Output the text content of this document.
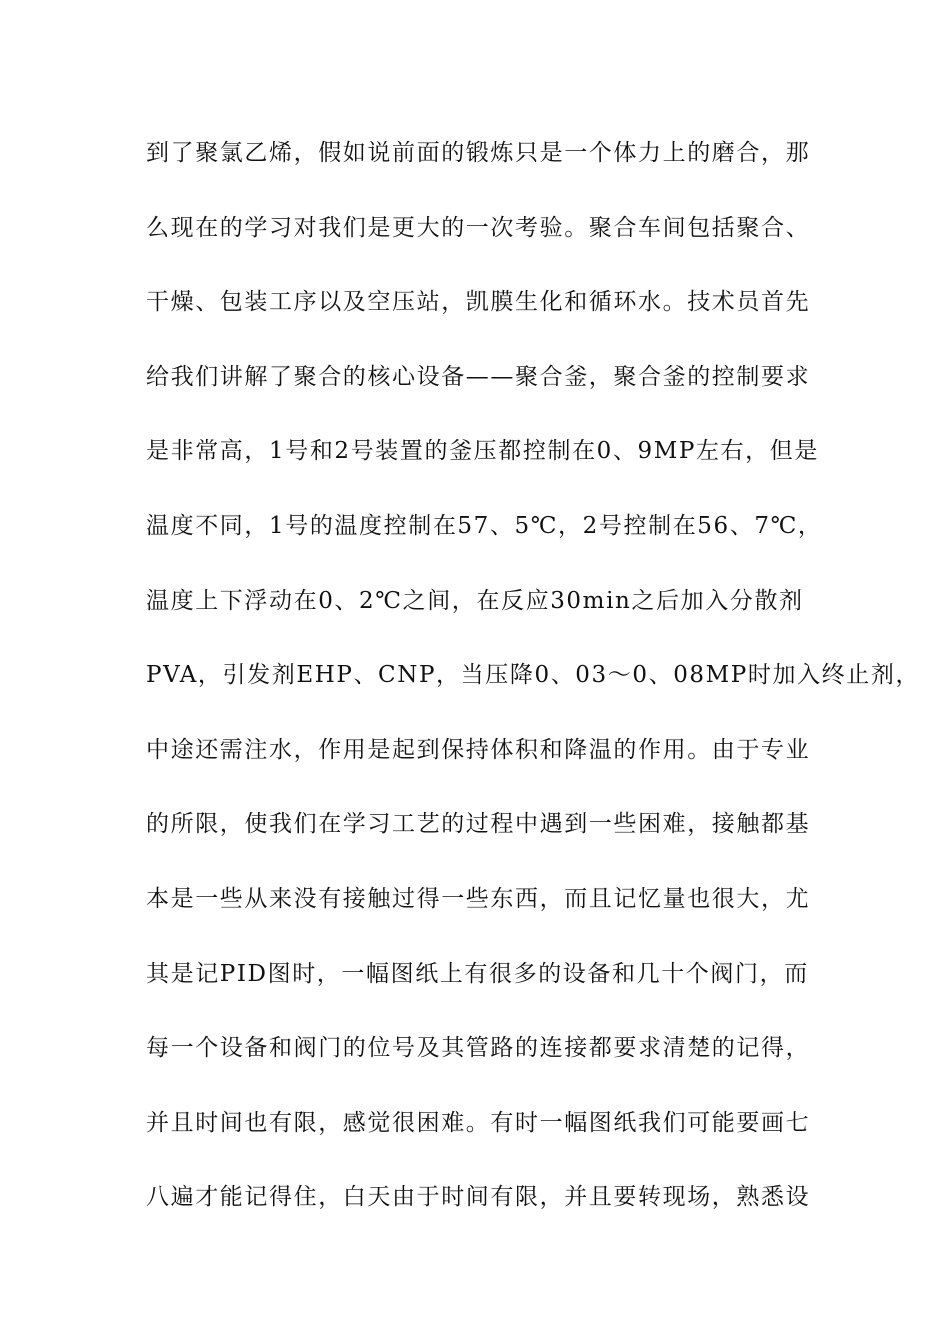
到了聚氯乙烯，假如说前面的锻炼只是一个体力上的磨合，那
么现在的学习对我们是更大的一次考验。聚合车间包括聚合、
干燥、包装工序以及空压站，凯膜生化和循环水。技术员首先
给我们讲解了聚合的核心设备——聚合釜，聚合釜的控制要求
是非常高，1号和2号装置的釜压都控制在0、9MP左右，但是
温度不同，1号的温度控制在57、5℃，2号控制在56、7℃，
温度上下浮动在0、2℃之间，在反应30min之后加入分散剂
PVA，引发剂EHP、CNP，当压降0、03～0、08MP时加入终止剂，
中途还需注水，作用是起到保持体积和降温的作用。由于专业
的所限，使我们在学习工艺的过程中遇到一些困难，接触都基
本是一些从来没有接触过得一些东西，而且记忆量也很大，尤
其是记PID图时，一幅图纸上有很多的设备和几十个阀门，而
每一个设备和阀门的位号及其管路的连接都要求清楚的记得，
并且时间也有限，感觉很困难。有时一幅图纸我们可能要画七
八遍才能记得住，白天由于时间有限，并且要转现场，熟悉设
